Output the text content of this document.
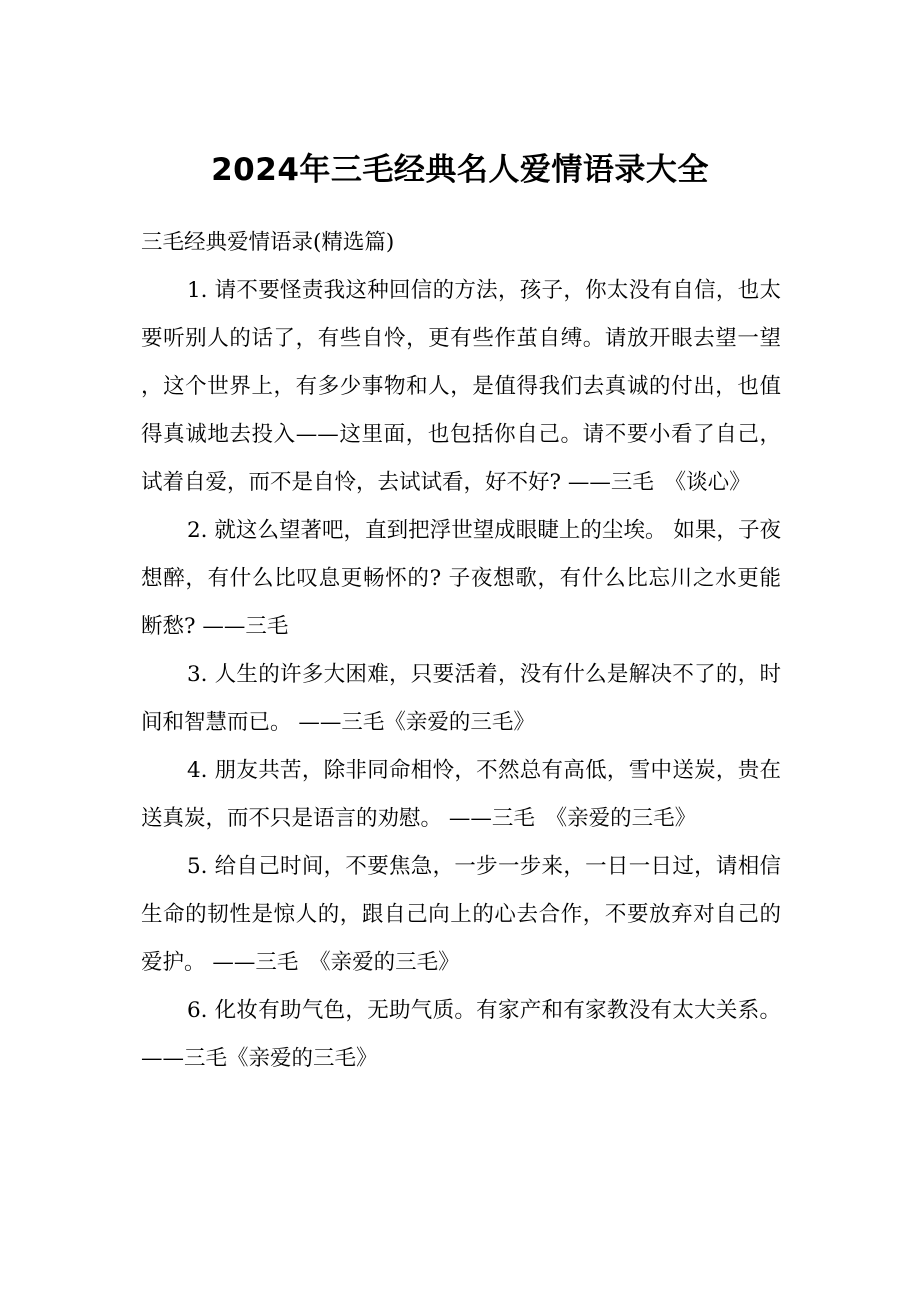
2024年三毛经典名人爱情语录大全

三毛经典爱情语录(精选篇)

1. 请不要怪责我这种回信的方法，孩子，你太没有自信，也太要听别人的话了，有些自怜，更有些作茧自缚。请放开眼去望一望，这个世界上，有多少事物和人，是值得我们去真诚的付出，也值得真诚地去投入——这里面，也包括你自己。请不要小看了自己，试着自爱，而不是自怜，去试试看，好不好? ——三毛　《谈心》

2. 就这么望著吧，直到把浮世望成眼睫上的尘埃。 如果，子夜想醉，有什么比叹息更畅怀的? 子夜想歌，有什么比忘川之水更能断愁? ——三毛

3. 人生的许多大困难，只要活着，没有什么是解决不了的，时间和智慧而已。 ——三毛《亲爱的三毛》

4. 朋友共苦，除非同命相怜，不然总有高低，雪中送炭，贵在送真炭，而不只是语言的劝慰。 ——三毛　《亲爱的三毛》

5. 给自己时间，不要焦急，一步一步来，一日一日过，请相信生命的韧性是惊人的，跟自己向上的心去合作，不要放弃对自己的爱护。 ——三毛　《亲爱的三毛》

6. 化妆有助气色，无助气质。有家产和有家教没有太大关系。 ——三毛《亲爱的三毛》
